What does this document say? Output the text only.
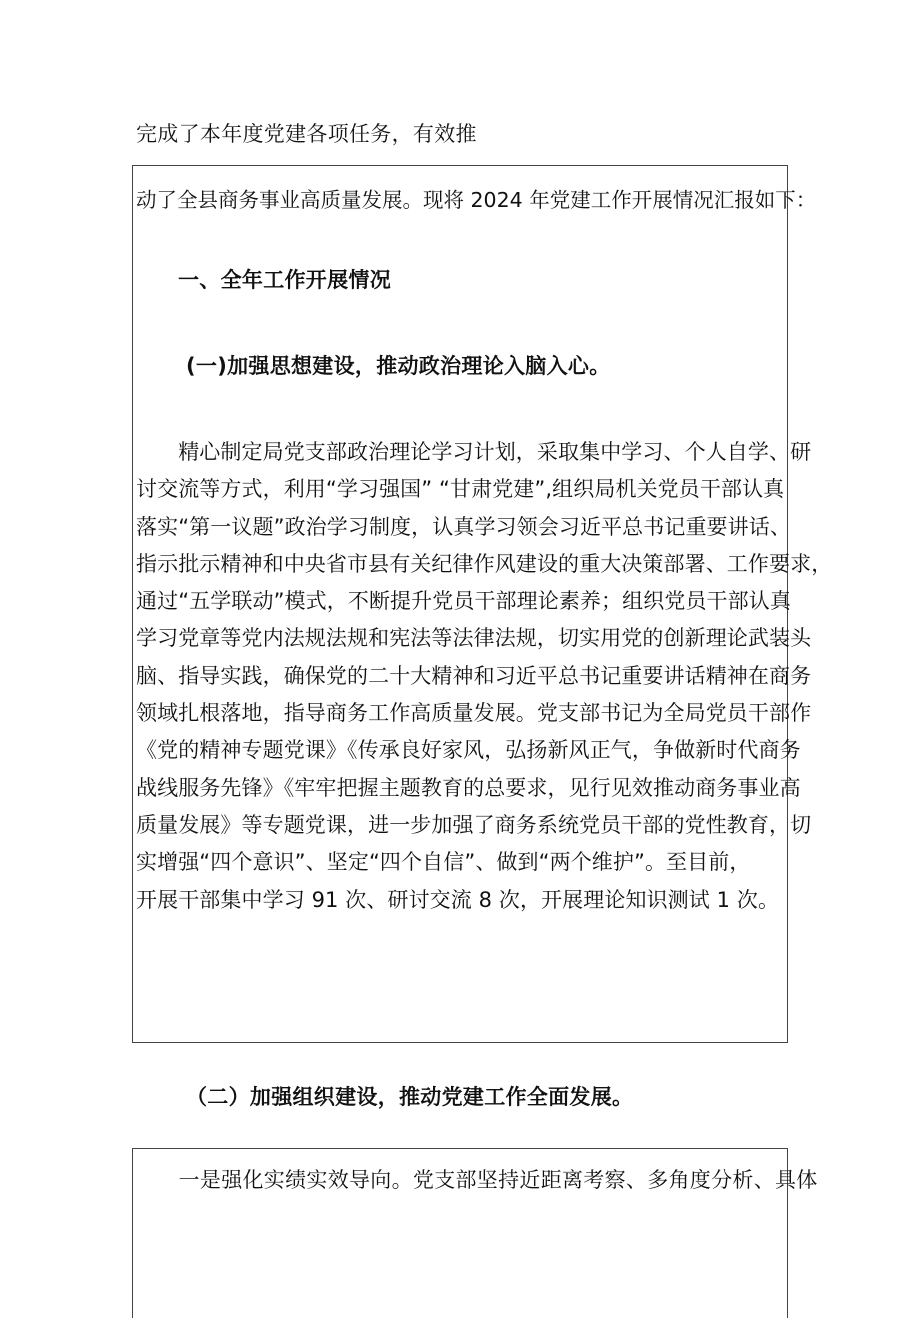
完成了本年度党建各项任务，有效推
动了全县商务事业高质量发展。现将 2024 年党建工作开展情况汇报如下：
一、全年工作开展情况
(一)加强思想建设，推动政治理论入脑入心。
　　精心制定局党支部政治理论学习计划，采取集中学习、个人自学、研
讨交流等方式，利用“学习强国” “甘肃党建”,组织局机关党员干部认真
落实“第一议题”政治学习制度，认真学习领会习近平总书记重要讲话、
指示批示精神和中央省市县有关纪律作风建设的重大决策部署、工作要求，
通过“五学联动”模式，不断提升党员干部理论素养；组织党员干部认真
学习党章等党内法规法规和宪法等法律法规，切实用党的创新理论武装头
脑、指导实践，确保党的二十大精神和习近平总书记重要讲话精神在商务
领域扎根落地，指导商务工作高质量发展。党支部书记为全局党员干部作
《党的精神专题党课》《传承良好家风，弘扬新风正气，争做新时代商务
战线服务先锋》《牢牢把握主题教育的总要求，见行见效推动商务事业高
质量发展》等专题党课，进一步加强了商务系统党员干部的党性教育，切
实增强“四个意识”、坚定“四个自信”、做到“两个维护”。至目前，
开展干部集中学习 91 次、研讨交流 8 次，开展理论知识测试 1 次。
（二）加强组织建设，推动党建工作全面发展。
　　一是强化实绩实效导向。党支部坚持近距离考察、多角度分析、具体
